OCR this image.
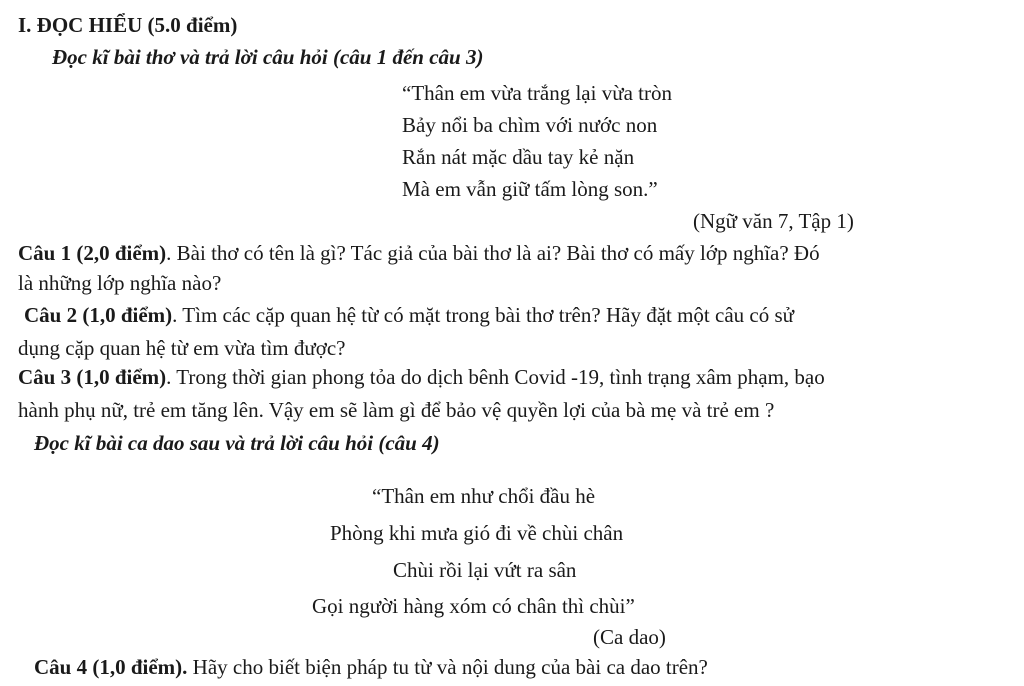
I. ĐỌC HIỂU (5.0 điểm)
Đọc kĩ bài thơ và trả lời câu hỏi (câu 1 đến câu 3)
“Thân em vừa trắng lại vừa tròn
Bảy nổi ba chìm với nước non
Rắn nát mặc dầu tay kẻ nặn
Mà em vẫn giữ tấm lòng son.”
(Ngữ văn 7, Tập 1)
Câu 1 (2,0 điểm). Bài thơ có tên là gì? Tác giả của bài thơ là ai? Bài thơ có mấy lớp nghĩa? Đó
là những lớp nghĩa nào?
Câu 2 (1,0 điểm). Tìm các cặp quan hệ từ có mặt trong bài thơ trên? Hãy đặt một câu có sử
dụng cặp quan hệ từ em vừa tìm được?
Câu 3 (1,0 điểm). Trong thời gian phong tỏa do dịch bênh Covid -19, tình trạng xâm phạm, bạo
hành phụ nữ, trẻ em tăng lên. Vậy em sẽ làm gì để bảo vệ quyền lợi của bà mẹ và trẻ em ?
Đọc kĩ bài ca dao sau và trả lời câu hỏi (câu 4)
“Thân em như chổi đầu hè
Phòng khi mưa gió đi về chùi chân
Chùi rồi lại vứt ra sân
Gọi người hàng xóm có chân thì chùi”
(Ca dao)
Câu 4 (1,0 điểm). Hãy cho biết biện pháp tu từ và nội dung của bài ca dao trên?
